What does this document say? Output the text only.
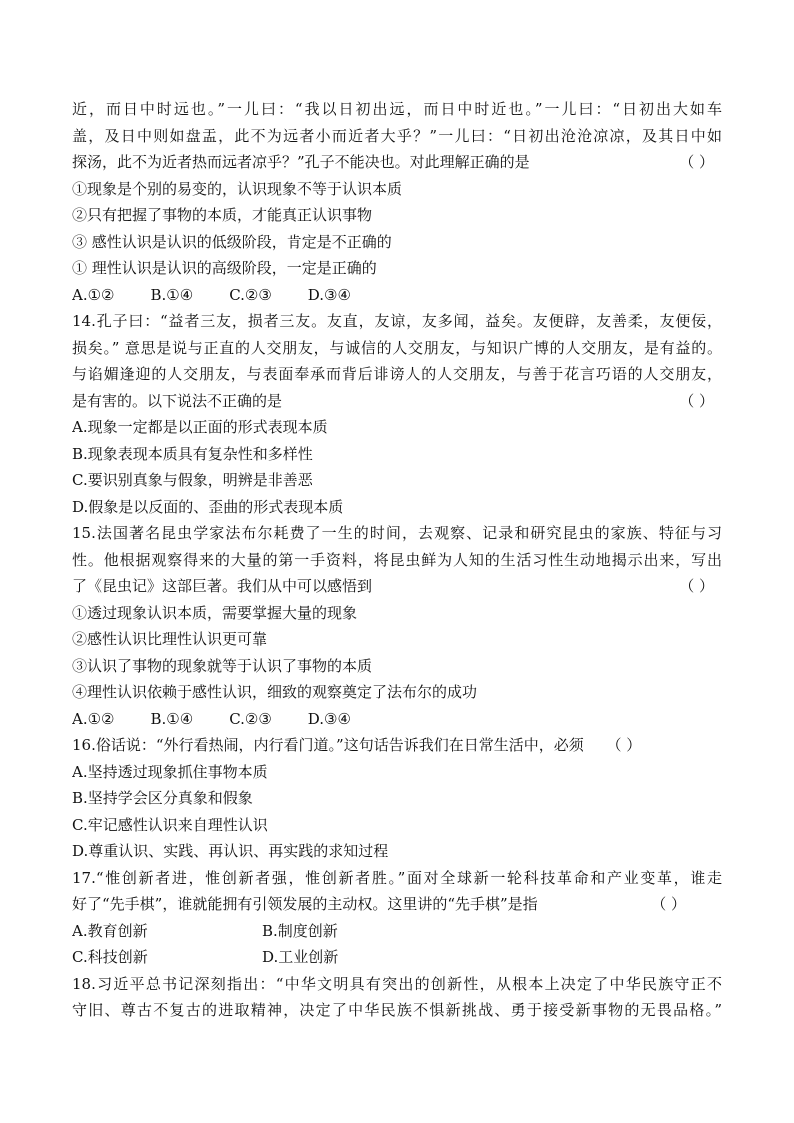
近，而日中时远也。”一儿曰：“我以日初出远，而日中时近也。”一儿曰：“日初出大如车
盖，及日中则如盘盂，此不为远者小而近者大乎？”一儿曰：“日初出沧沧凉凉，及其日中如
探汤，此不为近者热而远者凉乎？”孔子不能决也。对此理解正确的是	（ ）
①现象是个别的易变的，认识现象不等于认识本质
②只有把握了事物的本质，才能真正认识事物
③ 感性认识是认识的低级阶段，肯定是不正确的
① 理性认识是认识的高级阶段，一定是正确的
A.①② B.①④ C.②③ D.③④
14.孔子曰：“益者三友，损者三友。友直，友谅，友多闻，益矣。友便辟，友善柔，友便佞，
损矣。” 意思是说与正直的人交朋友，与诚信的人交朋友，与知识广博的人交朋友，是有益的。
与谄媚逢迎的人交朋友，与表面奉承而背后诽谤人的人交朋友，与善于花言巧语的人交朋友，
是有害的。以下说法不正确的是	（ ）
A.现象一定都是以正面的形式表现本质
B.现象表现本质具有复杂性和多样性
C.要识别真象与假象，明辨是非善恶
D.假象是以反面的、歪曲的形式表现本质
15.法国著名昆虫学家法布尔耗费了一生的时间，去观察、记录和研究昆虫的家族、特征与习
性。他根据观察得来的大量的第一手资料，将昆虫鲜为人知的生活习性生动地揭示出来，写出
了《昆虫记》这部巨著。我们从中可以感悟到	（ ）
①透过现象认识本质，需要掌握大量的现象
②感性认识比理性认识更可靠
③认识了事物的现象就等于认识了事物的本质
④理性认识依赖于感性认识，细致的观察奠定了法布尔的成功
A.①② B.①④ C.②③ D.③④
16.俗话说：“外行看热闹，内行看门道。”这句话告诉我们在日常生活中，必须 （ ）
A.坚持透过现象抓住事物本质
B.坚持学会区分真象和假象
C.牢记感性认识来自理性认识
D.尊重认识、实践、再认识、再实践的求知过程
17.“惟创新者进，惟创新者强，惟创新者胜。”面对全球新一轮科技革命和产业变革，谁走
好了“先手棋”，谁就能拥有引领发展的主动权。这里讲的“先手棋”是指	（ ）
A.教育创新	B.制度创新
C.科技创新	D.工业创新
18.习近平总书记深刻指出：“中华文明具有突出的创新性，从根本上决定了中华民族守正不
守旧、尊古不复古的进取精神，决定了中华民族不惧新挑战、勇于接受新事物的无畏品格。”
